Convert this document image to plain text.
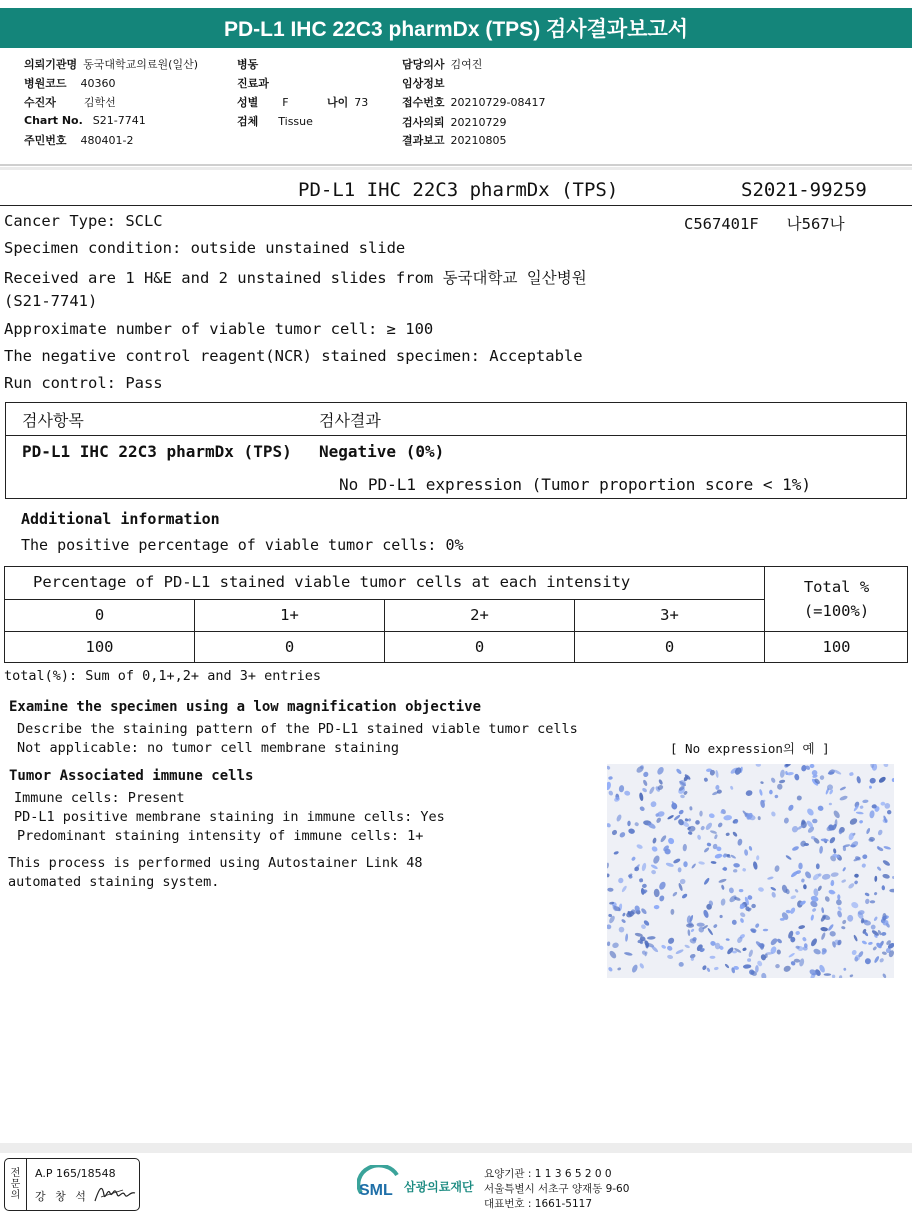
PD-L1 IHC 22C3 pharmDx (TPS) 검사결과보고서
의뢰기관명 동국대학교의료원(일산)
병원코드 40360
수진자	김학선
Chart No. S21-7741
주민번호 480401-2
병동
진료과
성별 F	나이 73
검체 Tissue
담당의사 김여진
임상정보
접수번호 20210729-08417
검사의뢰 20210729
결과보고 20210805
PD-L1 IHC 22C3 pharmDx (TPS)	S2021-99259
Cancer Type: SCLC	C567401F 나567나
Specimen condition: outside unstained slide
Received are 1 H&E and 2 unstained slides from 동국대학교 일산병원
(S21-7741)
Approximate number of viable tumor cell: ≥ 100
The negative control reagent(NCR) stained specimen: Acceptable
Run control: Pass
검사항목	검사결과
PD-L1 IHC 22C3 pharmDx (TPS) Negative (0%)
No PD-L1 expression (Tumor proportion score < 1%)
Additional information
The positive percentage of viable tumor cells: 0%
Percentage of PD-L1 stained viable tumor cells at each intensity	Total %
(=100%)
0	1+	2+	3+
100	0	0	0	100
total(%): Sum of 0,1+,2+ and 3+ entries
Examine the specimen using a low magnification objective
Describe the staining pattern of the PD-L1 stained viable tumor cells
Not applicable: no tumor cell membrane staining	[ No expression의 예 ]
Tumor Associated immune cells
Immune cells: Present
PD-L1 positive membrane staining in immune cells: Yes
Predominant staining intensity of immune cells: 1+
This process is performed using Autostainer Link 48
automated staining system.
전
문
의
A.P 165/18548
강 창 석	SML 삼광의료재단
요양기관 : 1 1 3 6 5 2 0 0
서울특별시 서초구 양재동 9-60
대표번호 : 1661-5117
